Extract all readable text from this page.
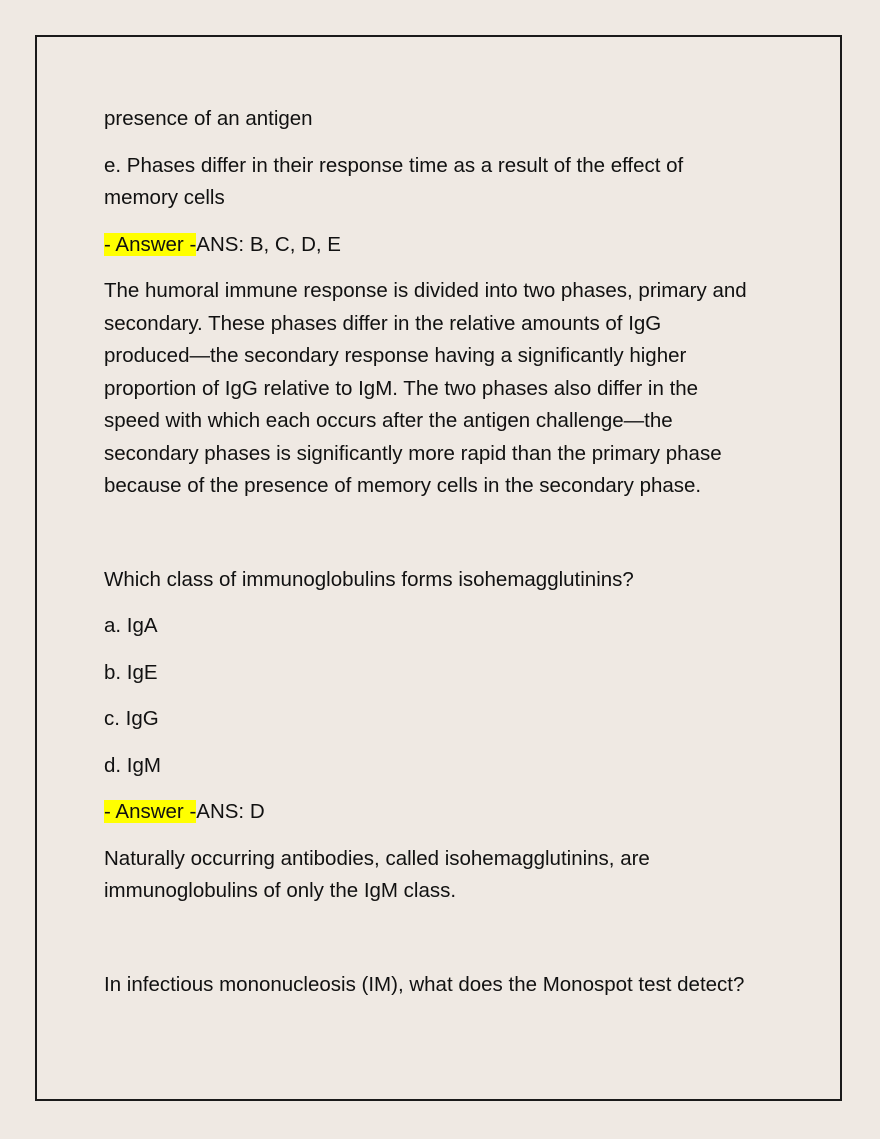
presence of an antigen
e. Phases differ in their response time as a result of the effect of
memory cells
- Answer -ANS: B, C, D, E
The humoral immune response is divided into two phases, primary and
secondary. These phases differ in the relative amounts of IgG
produced—the secondary response having a significantly higher
proportion of IgG relative to IgM. The two phases also differ in the
speed with which each occurs after the antigen challenge—the
secondary phases is significantly more rapid than the primary phase
because of the presence of memory cells in the secondary phase.
Which class of immunoglobulins forms isohemagglutinins?
a. IgA
b. IgE
c. IgG
d. IgM
- Answer -ANS: D
Naturally occurring antibodies, called isohemagglutinins, are
immunoglobulins of only the IgM class.
In infectious mononucleosis (IM), what does the Monospot test detect?
